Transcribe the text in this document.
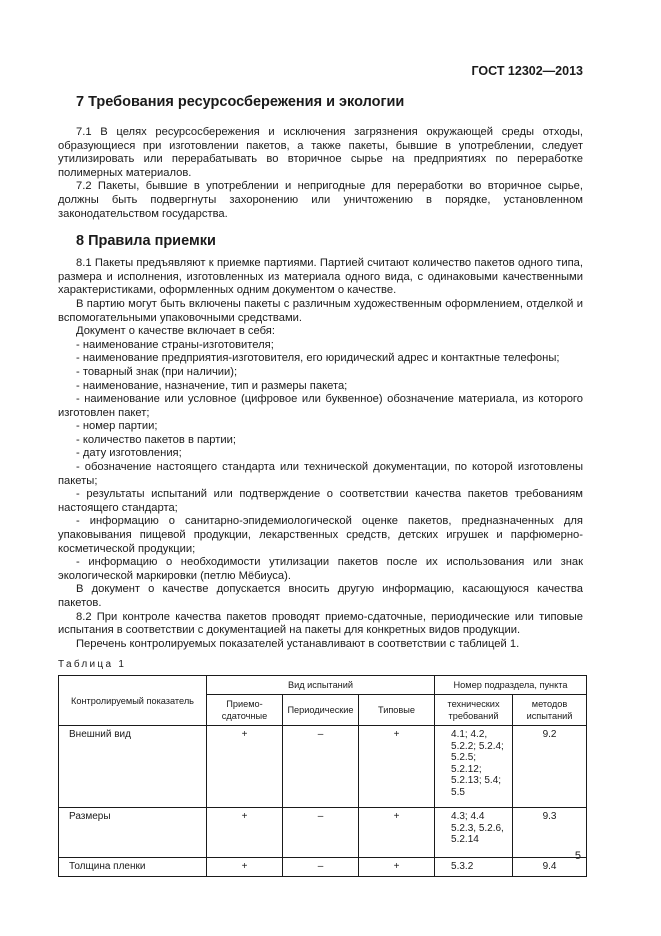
ГОСТ 12302—2013
7 Требования ресурсосбережения и экологии

7.1 В целях ресурсосбережения и исключения загрязнения окружающей среды отходы, образующиеся при изготовлении пакетов, а также пакеты, бывшие в употреблении, следует утилизировать или перерабатывать во вторичное сырье на предприятиях по переработке полимерных материалов.

7.2 Пакеты, бывшие в употреблении и непригодные для переработки во вторичное сырье, должны быть подвергнуты захоронению или уничтожению в порядке, установленном законодательством государства.

8 Правила приемки

8.1 Пакеты предъявляют к приемке партиями. Партией считают количество пакетов одного типа, размера и исполнения, изготовленных из материала одного вида, с одинаковыми качественными характеристиками, оформленных одним документом о качестве.

В партию могут быть включены пакеты с различным художественным оформлением, отделкой и вспомогательными упаковочными средствами.

Документ о качестве включает в себя:

- наименование страны-изготовителя;

- наименование предприятия-изготовителя, его юридический адрес и контактные телефоны;

- товарный знак (при наличии);

- наименование, назначение, тип и размеры пакета;

- наименование или условное (цифровое или буквенное) обозначение материала, из которого изготовлен пакет;

- номер партии;

- количество пакетов в партии;

- дату изготовления;

- обозначение настоящего стандарта или технической документации, по которой изготовлены пакеты;

- результаты испытаний или подтверждение о соответствии качества пакетов требованиям настоящего стандарта;

- информацию о санитарно-эпидемиологической оценке пакетов, предназначенных для упаковывания пищевой продукции, лекарственных средств, детских игрушек и парфюмерно-косметической продукции;

- информацию о необходимости утилизации пакетов после их использования или знак экологической маркировки (петлю Мёбиуса).

В документ о качестве допускается вносить другую информацию, касающуюся качества пакетов.

8.2 При контроле качества пакетов проводят приемо-сдаточные, периодические или типовые испытания в соответствии с документацией на пакеты для конкретных видов продукции.

Перечень контролируемых показателей устанавливают в соответствии с таблицей 1.

Таблица 1
Контролируемый показатель	Вид испытаний			Номер подраздела, пункта	
	Приемо-сдаточные	Периодические	Типовые	технических требований	методов испытаний
Внешний вид	+	–	+	4.1; 4.2, 5.2.2; 5.2.4; 5.2.5; 5.2.12; 5.2.13; 5.4; 5.5	9.2
Размеры	+	–	+	4.3; 4.4 5.2.3, 5.2.6, 5.2.14	9.3
Толщина пленки	+	–	+	5.3.2	9.4
5
